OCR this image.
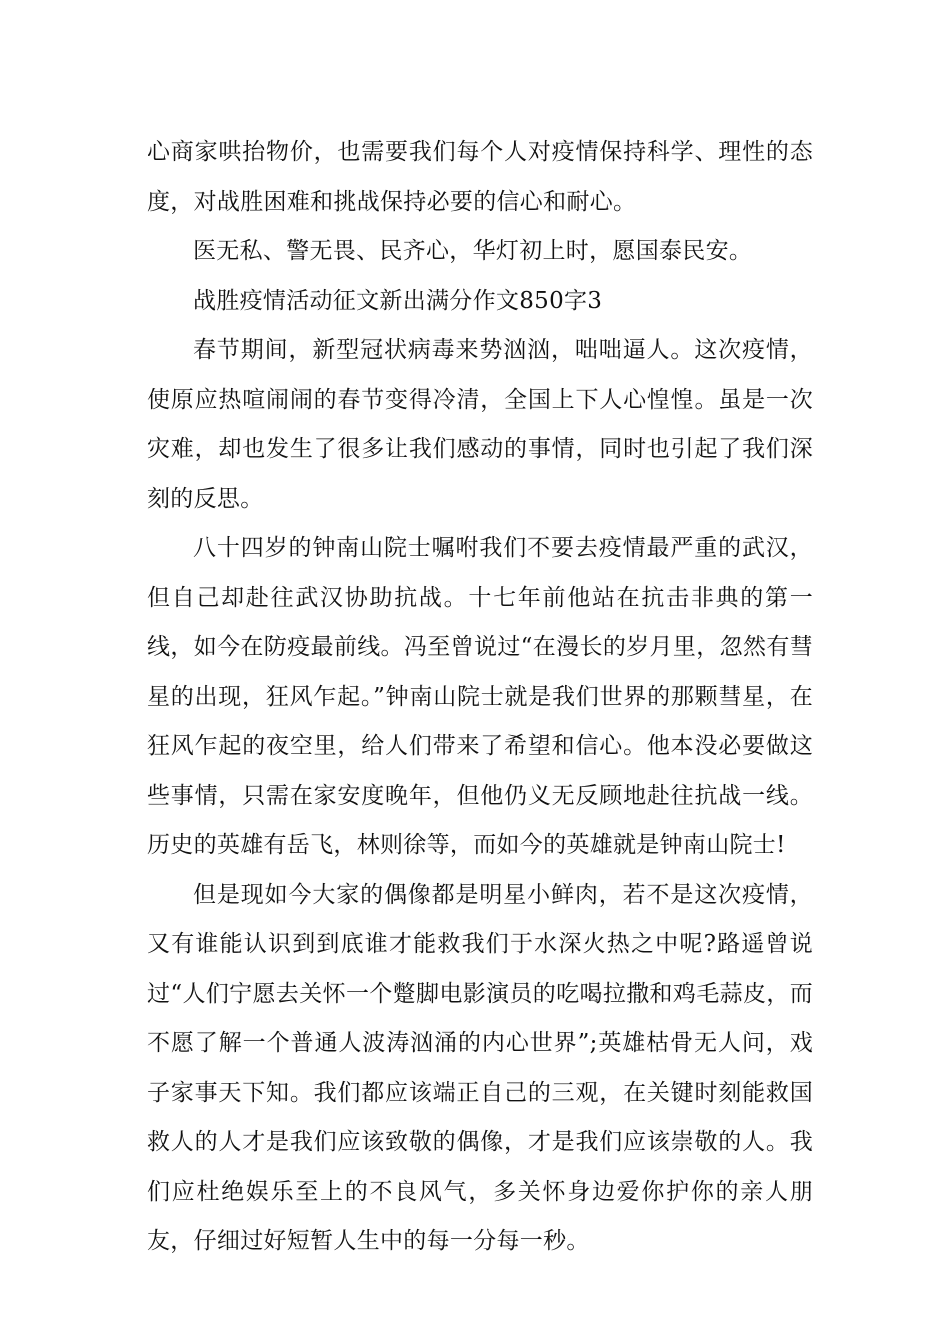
心商家哄抬物价，也需要我们每个人对疫情保持科学、理性的态度，对战胜困难和挑战保持必要的信心和耐心。

医无私、警无畏、民齐心，华灯初上时，愿国泰民安。

战胜疫情活动征文新出满分作文850字3

春节期间，新型冠状病毒来势汹汹，咄咄逼人。这次疫情，使原应热喧闹闹的春节变得冷清，全国上下人心惶惶。虽是一次灾难，却也发生了很多让我们感动的事情，同时也引起了我们深刻的反思。

八十四岁的钟南山院士嘱咐我们不要去疫情最严重的武汉，但自己却赴往武汉协助抗战。十七年前他站在抗击非典的第一线，如今在防疫最前线。冯至曾说过“在漫长的岁月里，忽然有彗星的出现，狂风乍起。”钟南山院士就是我们世界的那颗彗星，在狂风乍起的夜空里，给人们带来了希望和信心。他本没必要做这些事情，只需在家安度晚年，但他仍义无反顾地赴往抗战一线。历史的英雄有岳飞，林则徐等，而如今的英雄就是钟南山院士!

但是现如今大家的偶像都是明星小鲜肉，若不是这次疫情，又有谁能认识到到底谁才能救我们于水深火热之中呢?路遥曾说过“人们宁愿去关怀一个蹩脚电影演员的吃喝拉撒和鸡毛蒜皮，而不愿了解一个普通人波涛汹涌的内心世界”;英雄枯骨无人问，戏子家事天下知。我们都应该端正自己的三观，在关键时刻能救国救人的人才是我们应该致敬的偶像，才是我们应该崇敬的人。我们应杜绝娱乐至上的不良风气，多关怀身边爱你护你的亲人朋友，仔细过好短暂人生中的每一分每一秒。
